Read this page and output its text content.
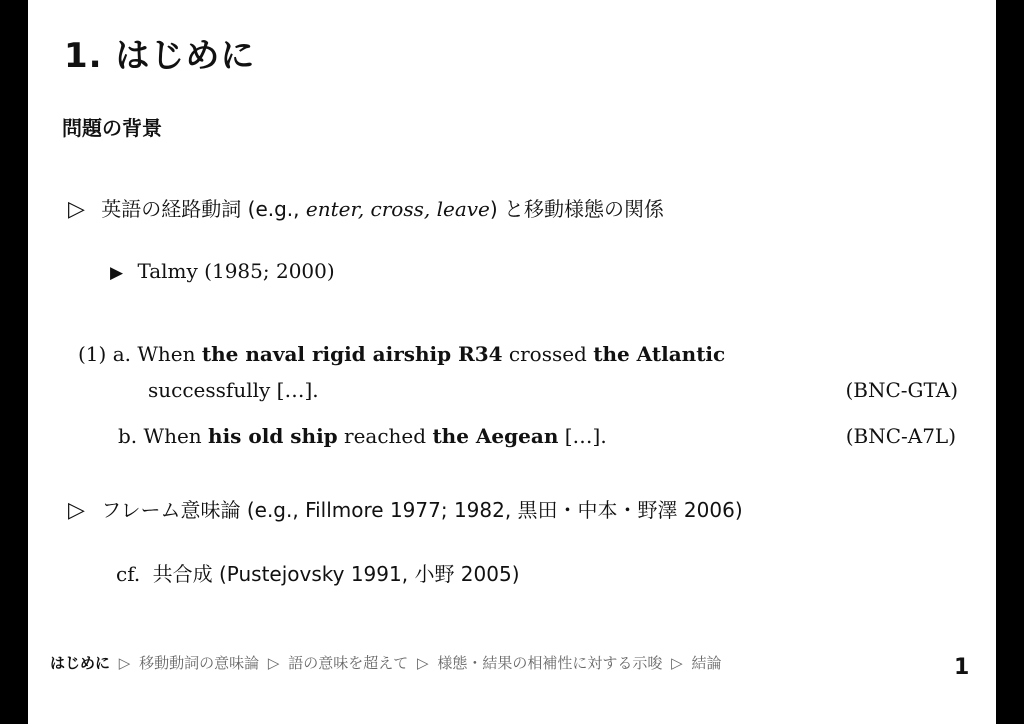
1. はじめに
問題の背景
▷ 英語の経路動詞 (e.g., enter, cross, leave) と移動様態の関係
▶ Talmy (1985; 2000)
(1) a. When the naval rigid airship R34 crossed the Atlantic
successfully […].	(BNC-GTA)
b. When his old ship reached the Aegean […].	(BNC-A7L)
▷ フレーム意味論 (e.g., Fillmore 1977; 1982, 黒田・中本・野澤 2006)
cf. 共合成 (Pustejovsky 1991, 小野 2005)
はじめに ▷ 移動動詞の意味論 ▷ 語の意味を超えて ▷ 様態・結果の相補性に対する示唆 ▷ 結論	1
